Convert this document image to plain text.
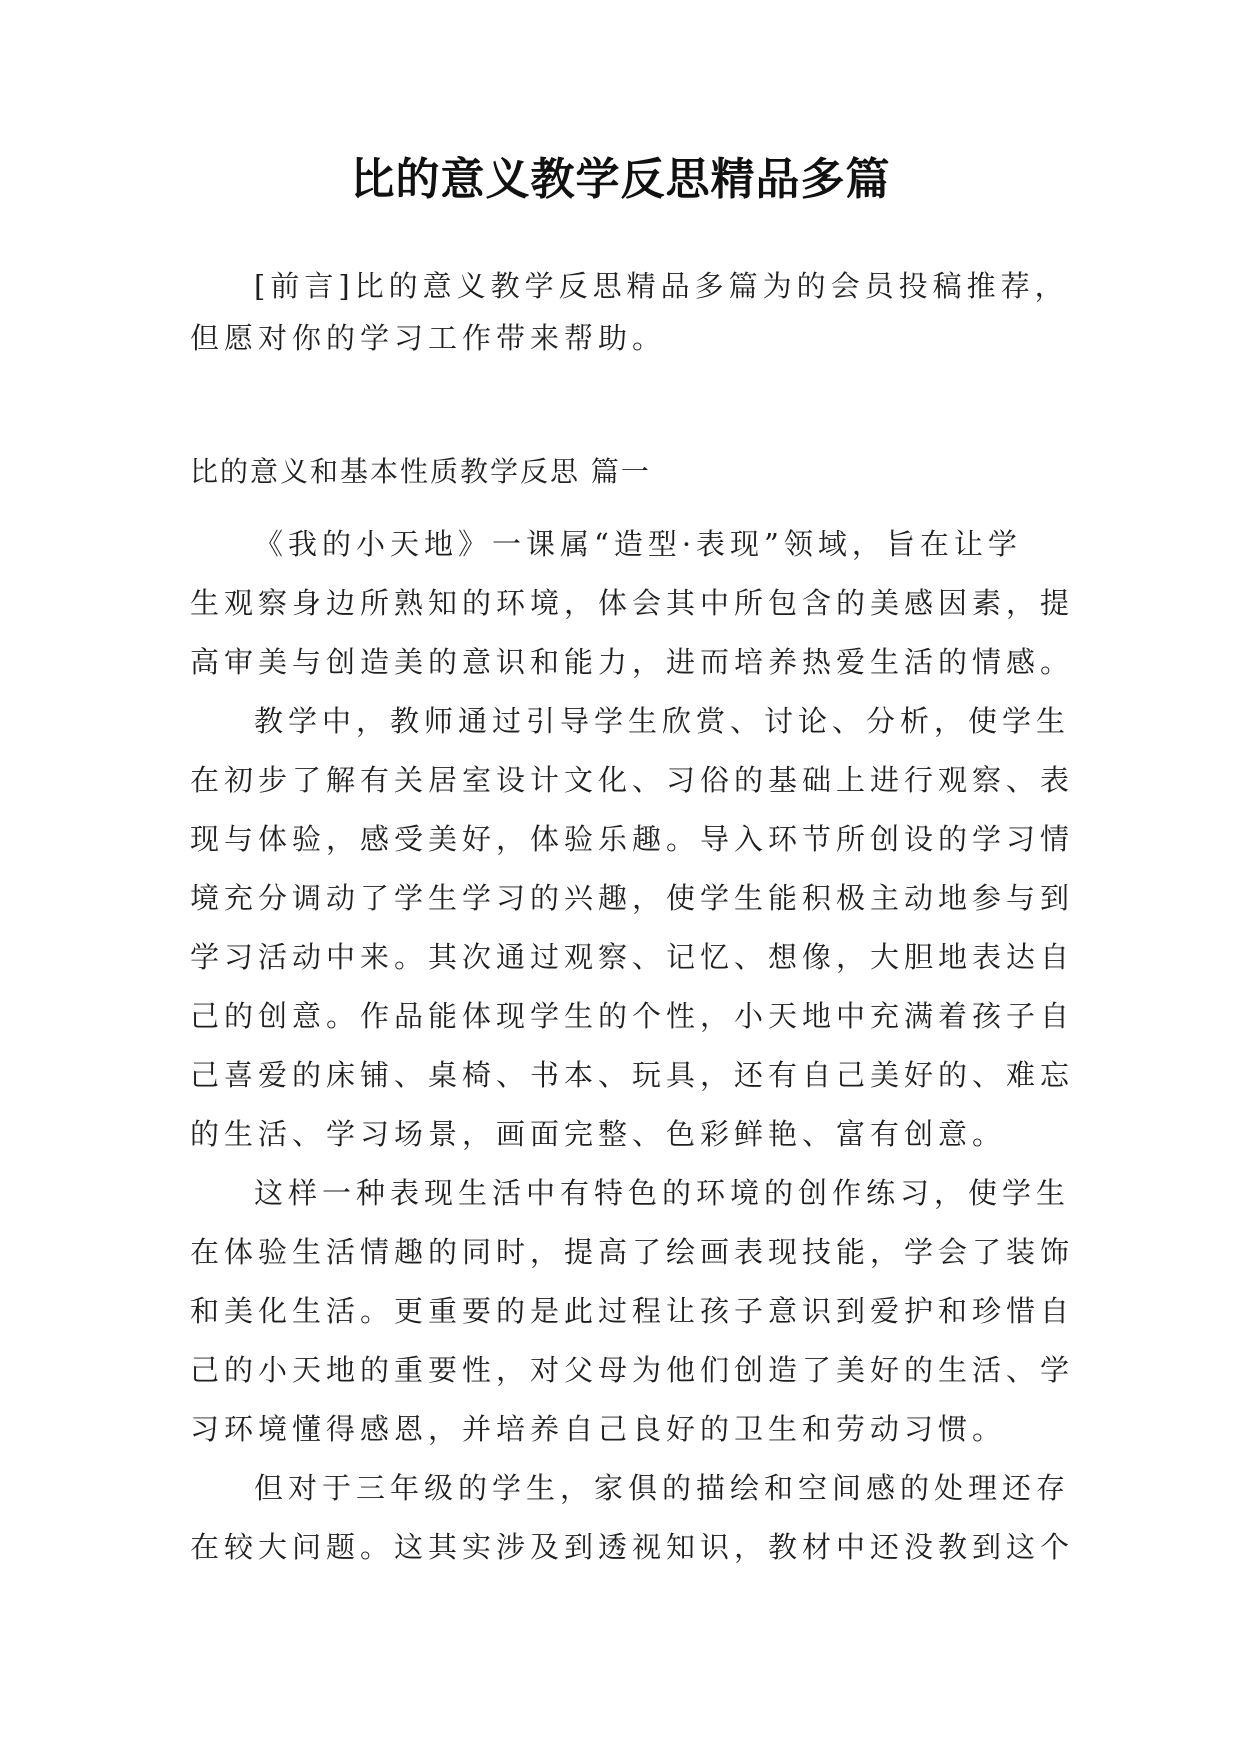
比的意义教学反思精品多篇
[前言]比的意义教学反思精品多篇为的会员投稿推荐，
但愿对你的学习工作带来帮助。
比的意义和基本性质教学反思 篇一
《我的小天地》一课属“造型·表现”领域，旨在让学
生观察身边所熟知的环境，体会其中所包含的美感因素，提
高审美与创造美的意识和能力，进而培养热爱生活的情感。
教学中，教师通过引导学生欣赏、讨论、分析，使学生
在初步了解有关居室设计文化、习俗的基础上进行观察、表
现与体验，感受美好，体验乐趣。导入环节所创设的学习情
境充分调动了学生学习的兴趣，使学生能积极主动地参与到
学习活动中来。其次通过观察、记忆、想像，大胆地表达自
己的创意。作品能体现学生的个性，小天地中充满着孩子自
己喜爱的床铺、桌椅、书本、玩具，还有自己美好的、难忘
的生活、学习场景，画面完整、色彩鲜艳、富有创意。
这样一种表现生活中有特色的环境的创作练习，使学生
在体验生活情趣的同时，提高了绘画表现技能，学会了装饰
和美化生活。更重要的是此过程让孩子意识到爱护和珍惜自
己的小天地的重要性，对父母为他们创造了美好的生活、学
习环境懂得感恩，并培养自己良好的卫生和劳动习惯。
但对于三年级的学生，家俱的描绘和空间感的处理还存
在较大问题。这其实涉及到透视知识，教材中还没教到这个
